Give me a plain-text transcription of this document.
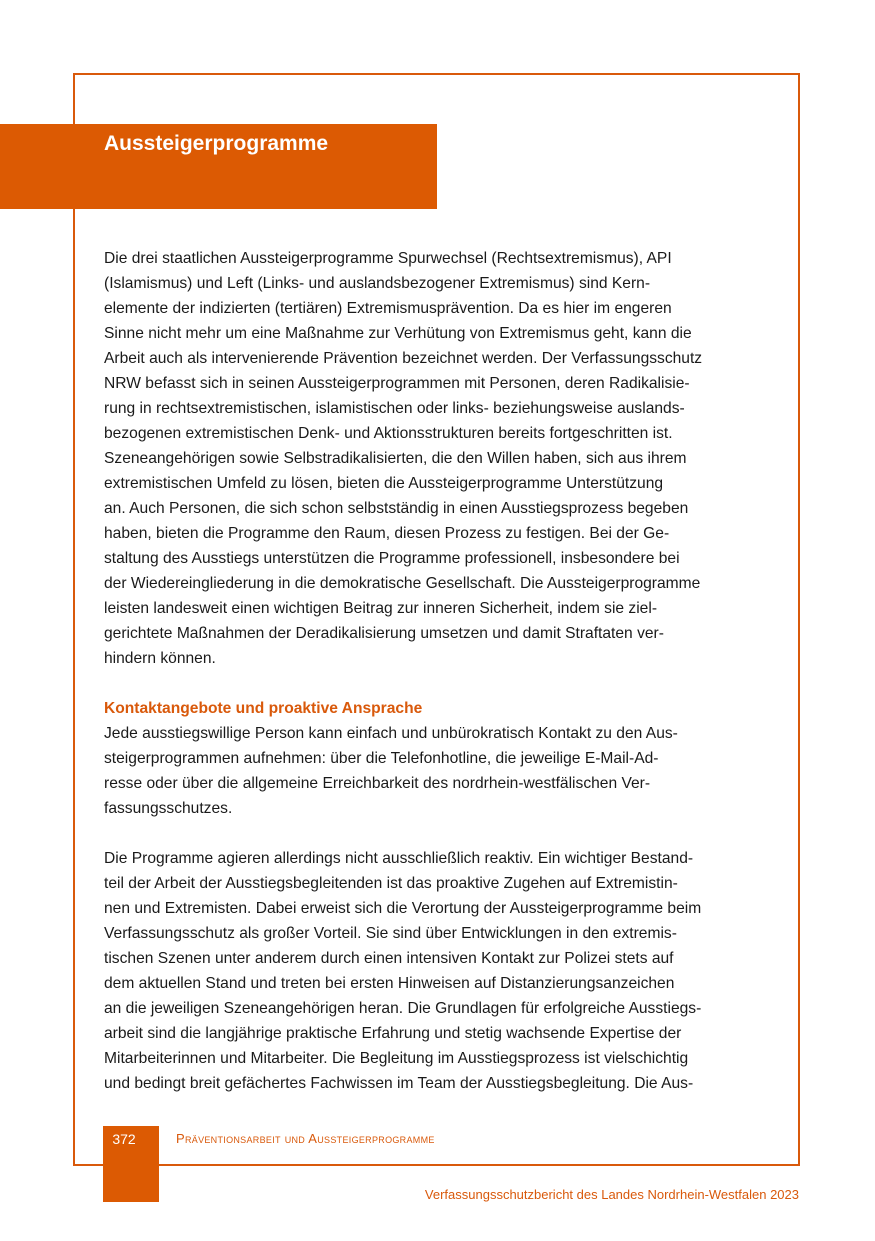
Aussteigerprogramme
Die drei staatlichen Aussteigerprogramme Spurwechsel (Rechtsextremismus), API
(Islamismus) und Left (Links- und auslandsbezogener Extremismus) sind Kern-
elemente der indizierten (tertiären) Extremismusprävention. Da es hier im engeren
Sinne nicht mehr um eine Maßnahme zur Verhütung von Extremismus geht, kann die
Arbeit auch als intervenierende Prävention bezeichnet werden. Der Verfassungsschutz
NRW befasst sich in seinen Aussteigerprogrammen mit Personen, deren Radikalisie-
rung in rechtsextremistischen, islamistischen oder links- beziehungsweise auslands-
bezogenen extremistischen Denk- und Aktionsstrukturen bereits fortgeschritten ist.
Szeneangehörigen sowie Selbstradikalisierten, die den Willen haben, sich aus ihrem
extremistischen Umfeld zu lösen, bieten die Aussteigerprogramme Unterstützung
an. Auch Personen, die sich schon selbstständig in einen Ausstiegsprozess begeben
haben, bieten die Programme den Raum, diesen Prozess zu festigen. Bei der Ge-
staltung des Ausstiegs unterstützen die Programme professionell, insbesondere bei
der Wiedereingliederung in die demokratische Gesellschaft. Die Aussteigerprogramme
leisten landesweit einen wichtigen Beitrag zur inneren Sicherheit, indem sie ziel-
gerichtete Maßnahmen der Deradikalisierung umsetzen und damit Straftaten ver-
hindern können.
Kontaktangebote und proaktive Ansprache
Jede ausstiegswillige Person kann einfach und unbürokratisch Kontakt zu den Aus-
steigerprogrammen aufnehmen: über die Telefonhotline, die jeweilige E-Mail-Ad-
resse oder über die allgemeine Erreichbarkeit des nordrhein-westfälischen Ver-
fassungsschutzes.
Die Programme agieren allerdings nicht ausschließlich reaktiv. Ein wichtiger Bestand-
teil der Arbeit der Ausstiegsbegleitenden ist das proaktive Zugehen auf Extremistin-
nen und Extremisten. Dabei erweist sich die Verortung der Aussteigerprogramme beim
Verfassungsschutz als großer Vorteil. Sie sind über Entwicklungen in den extremis-
tischen Szenen unter anderem durch einen intensiven Kontakt zur Polizei stets auf
dem aktuellen Stand und treten bei ersten Hinweisen auf Distanzierungsanzeichen
an die jeweiligen Szeneangehörigen heran. Die Grundlagen für erfolgreiche Ausstiegs-
arbeit sind die langjährige praktische Erfahrung und stetig wachsende Expertise der
Mitarbeiterinnen und Mitarbeiter. Die Begleitung im Ausstiegsprozess ist vielschichtig
und bedingt breit gefächertes Fachwissen im Team der Ausstiegsbegleitung. Die Aus-
372	Präventionsarbeit und Aussteigerprogramme
Verfassungsschutzbericht des Landes Nordrhein-Westfalen 2023
